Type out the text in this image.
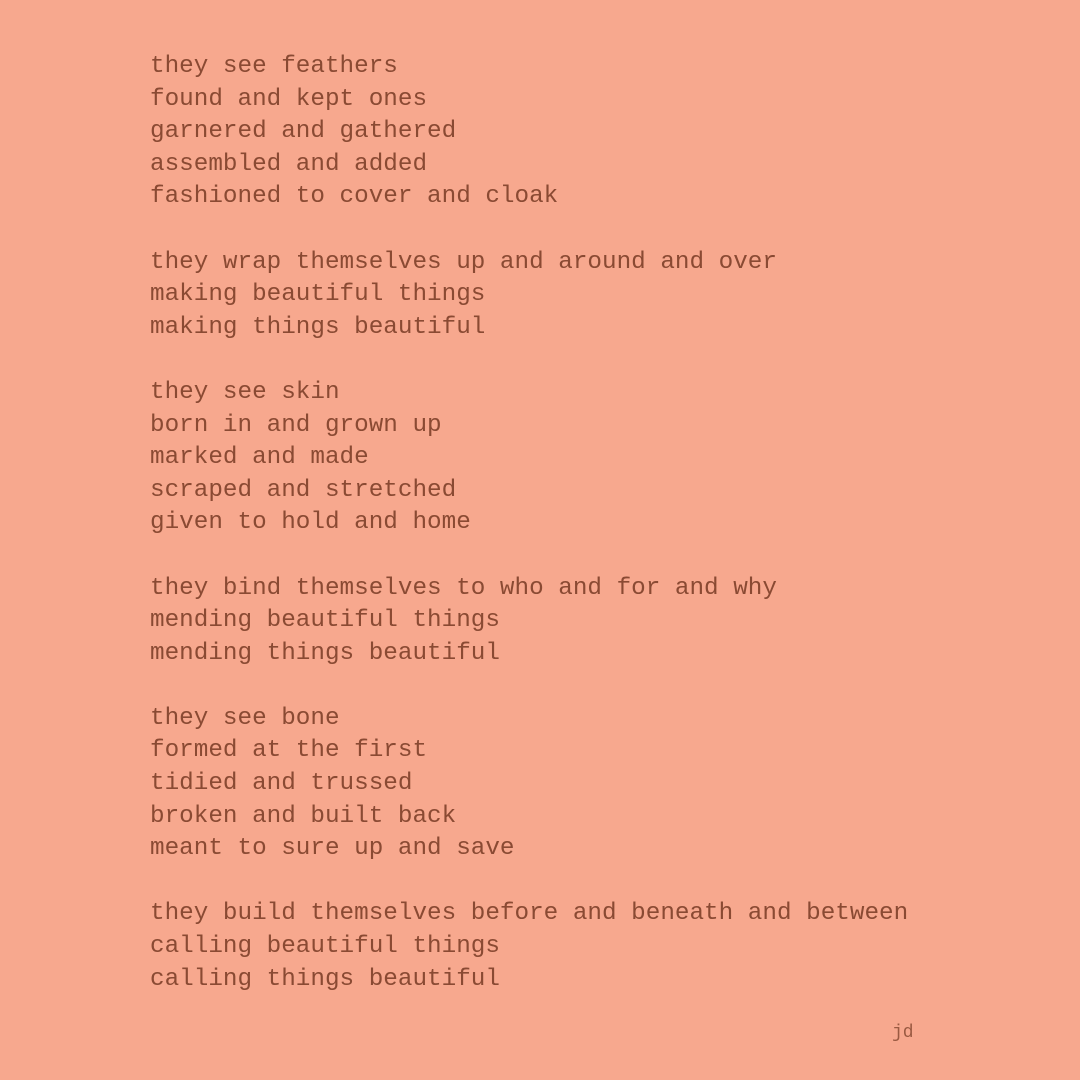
they see feathers
found and kept ones
garnered and gathered
assembled and added
fashioned to cover and cloak
they wrap themselves up and around and over
making beautiful things
making things beautiful
they see skin
born in and grown up
marked and made
scraped and stretched
given to hold and home
they bind themselves to who and for and why
mending beautiful things
mending things beautiful
they see bone
formed at the first
tidied and trussed
broken and built back
meant to sure up and save
they build themselves before and beneath and between
calling beautiful things
calling things beautiful
jd
